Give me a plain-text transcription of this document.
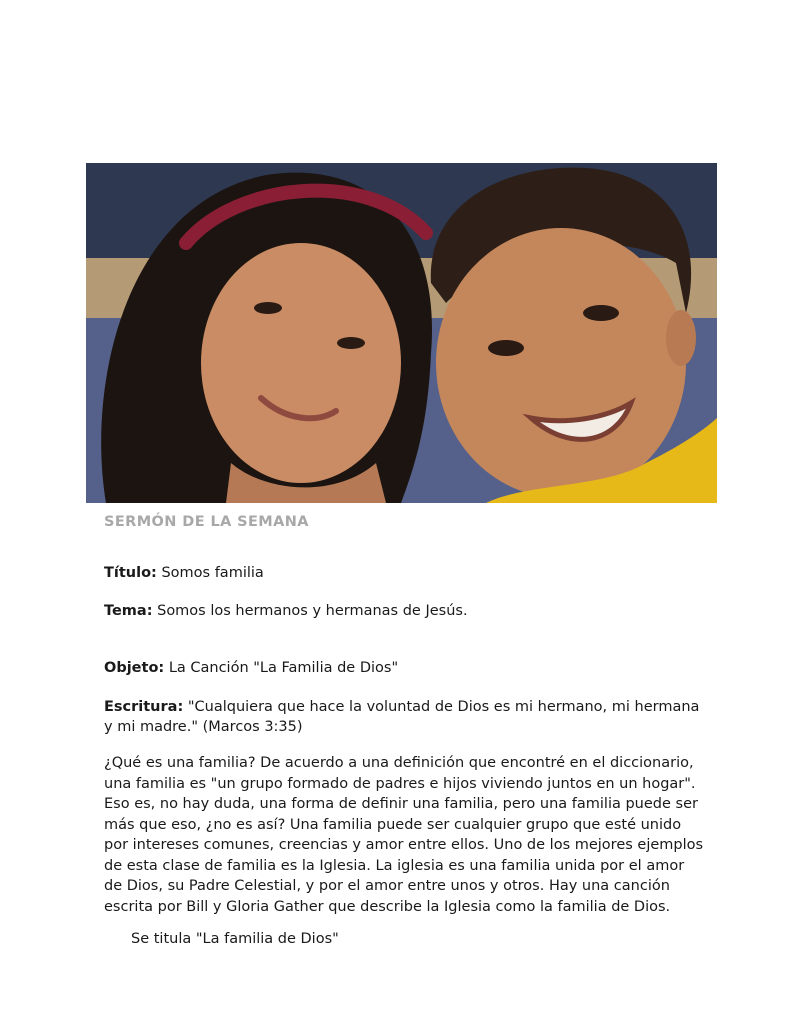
SERMÓN DE LA SEMANA

Título: Somos familia

Tema: Somos los hermanos y hermanas de Jesús.

Objeto: La Canción "La Familia de Dios"

Escritura: "Cualquiera que hace la voluntad de Dios es mi hermano, mi hermana y mi madre." (Marcos 3:35)

¿Qué es una familia? De acuerdo a una definición que encontré en el diccionario, una familia es "un grupo formado de padres e hijos viviendo juntos en un hogar". Eso es, no hay duda, una forma de definir una familia, pero una familia puede ser más que eso, ¿no es así? Una familia puede ser cualquier grupo que esté unido por intereses comunes, creencias y amor entre ellos. Uno de los mejores ejemplos de esta clase de familia es la Iglesia. La iglesia es una familia unida por el amor de Dios, su Padre Celestial, y por el amor entre unos y otros. Hay una canción escrita por Bill y Gloria Gather que describe la Iglesia como la familia de Dios.

Se titula "La familia de Dios"
